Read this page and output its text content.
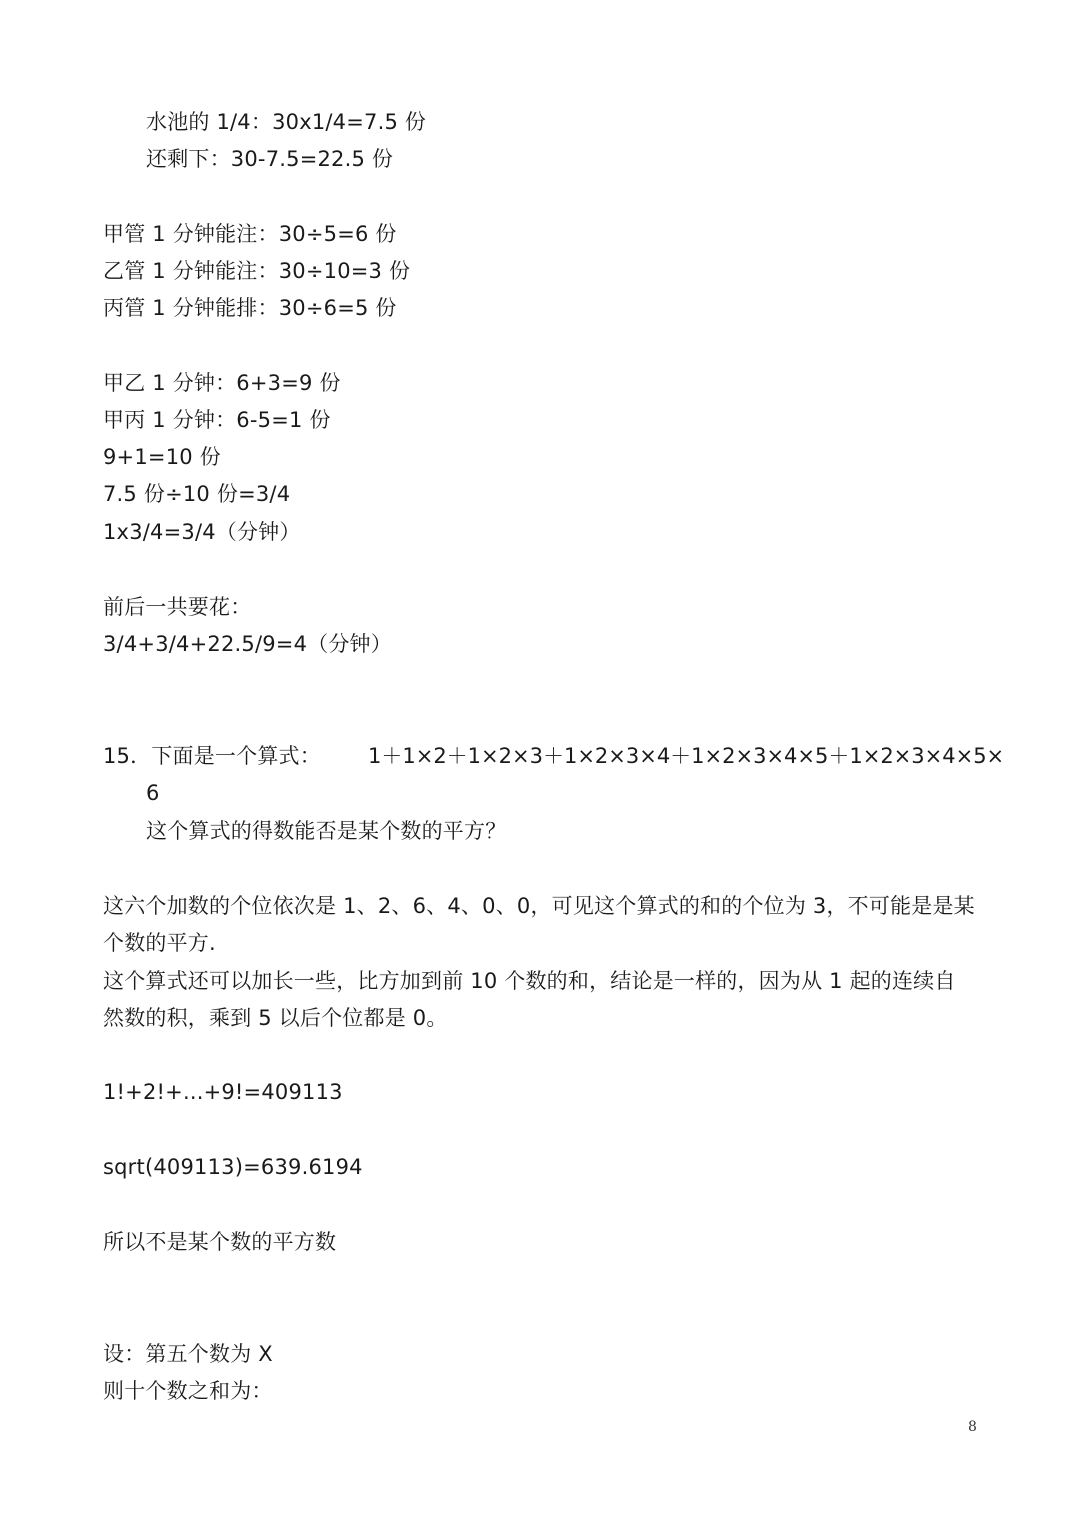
水池的 1/4：30x1/4=7.5 份
还剩下：30-7.5=22.5 份
甲管 1 分钟能注：30÷5=6 份
乙管 1 分钟能注：30÷10=3 份
丙管 1 分钟能排：30÷6=5 份
甲乙 1 分钟：6+3=9 份
甲丙 1 分钟：6-5=1 份
9+1=10 份
7.5 份÷10 份=3/4
1x3/4=3/4（分钟）
前后一共要花：
3/4+3/4+22.5/9=4（分钟）
15．下面是一个算式： 1＋1×2＋1×2×3＋1×2×3×4＋1×2×3×4×5＋1×2×3×4×5×
6
这个算式的得数能否是某个数的平方？
这六个加数的个位依次是 1、2、6、4、0、0，可见这个算式的和的个位为 3，不可能是是某
个数的平方.
这个算式还可以加长一些，比方加到前 10 个数的和，结论是一样的，因为从 1 起的连续自
然数的积，乘到 5 以后个位都是 0。
1!+2!+...+9!=409113
sqrt(409113)=639.6194
所以不是某个数的平方数
设：第五个数为 X
则十个数之和为：
8
